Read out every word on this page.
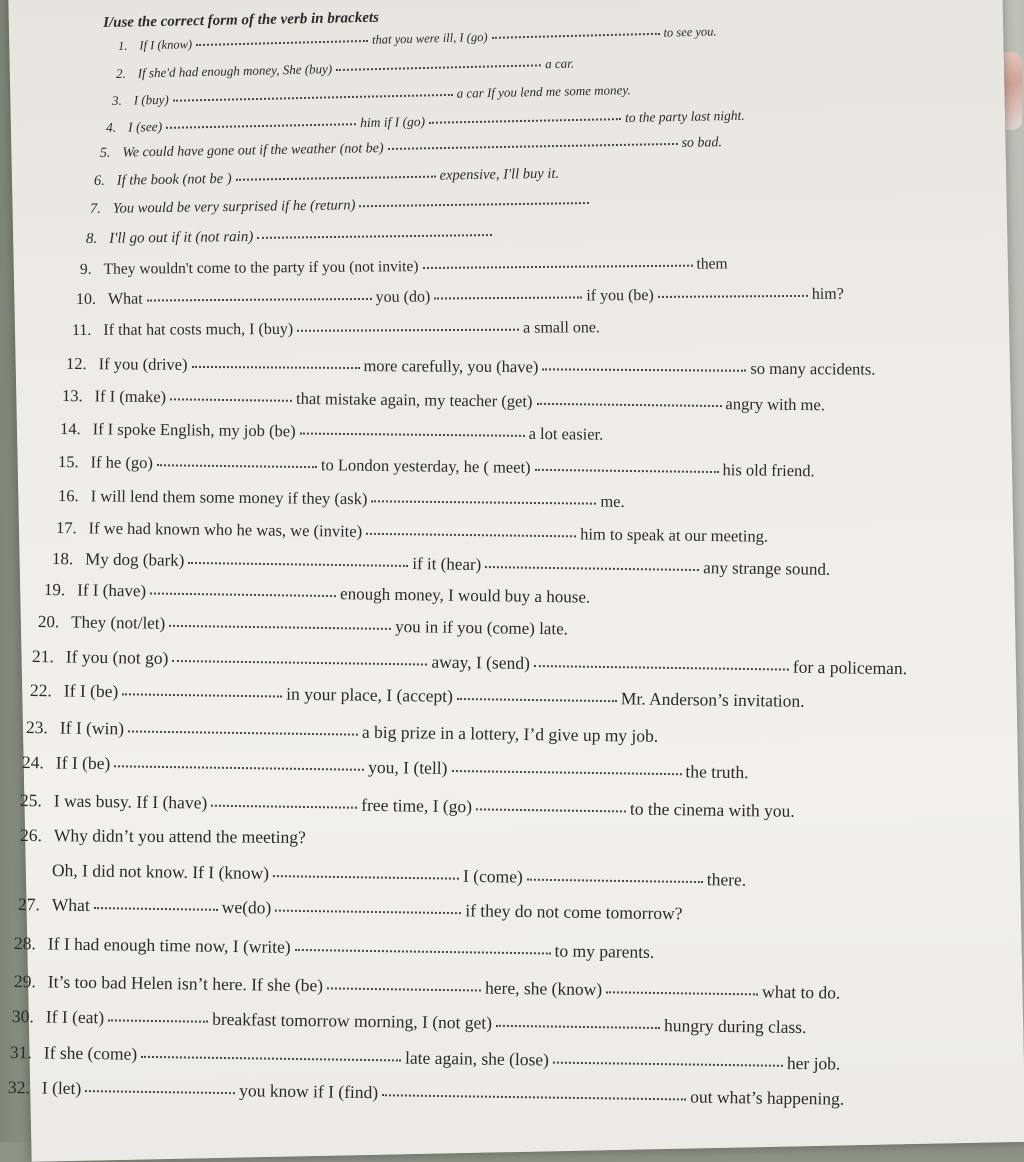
I/use the correct form of the verb in brackets
1. If I (know)	that you were ill, I (go)	to see you.
2. If she'd had enough money, She (buy)	a car.
3. I (buy)	a car If you lend me some money.
4. I (see)	him if I (go)	to the party last night.
5. We could have gone out if the weather (not be)	so bad.
6. If the book (not be )	expensive, I'll buy it.
7. You would be very surprised if he (return)
8. I'll go out if it (not rain)
9. They wouldn't come to the party if you (not invite)	them
10. What	you (do)	if you (be)	him?
11. If that hat costs much, I (buy)	a small one.
12. If you (drive)	more carefully, you (have)	so many accidents.
13. If I (make)	that mistake again, my teacher (get)	angry with me.
14. If I spoke English, my job (be)	a lot easier.
15. If he (go)	to London yesterday, he ( meet)	his old friend.
16. I will lend them some money if they (ask)	me.
17. If we had known who he was, we (invite)	him to speak at our meeting.
18. My dog (bark)	if it (hear)	any strange sound.
19. If I (have)	enough money, I would buy a house.
20. They (not/let)	you in if you (come) late.
21. If you (not go)	away, I (send)	for a policeman.
22. If I (be)	in your place, I (accept)	Mr. Anderson’s invitation.
23. If I (win)	a big prize in a lottery, I’d give up my job.
24. If I (be)	you, I (tell)	the truth.
25. I was busy. If I (have)	free time, I (go)	to the cinema with you.
26. Why didn’t you attend the meeting?
Oh, I did not know. If I (know)	I (come)	there.
27. What	we(do)	if they do not come tomorrow?
28. If I had enough time now, I (write)	to my parents.
29. It’s too bad Helen isn’t here. If she (be)	here, she (know)	what to do.
30. If I (eat)	breakfast tomorrow morning, I (not get)	hungry during class.
31. If she (come)	late again, she (lose)	her job.
32. I (let)	you know if I (find)	out what’s happening.
